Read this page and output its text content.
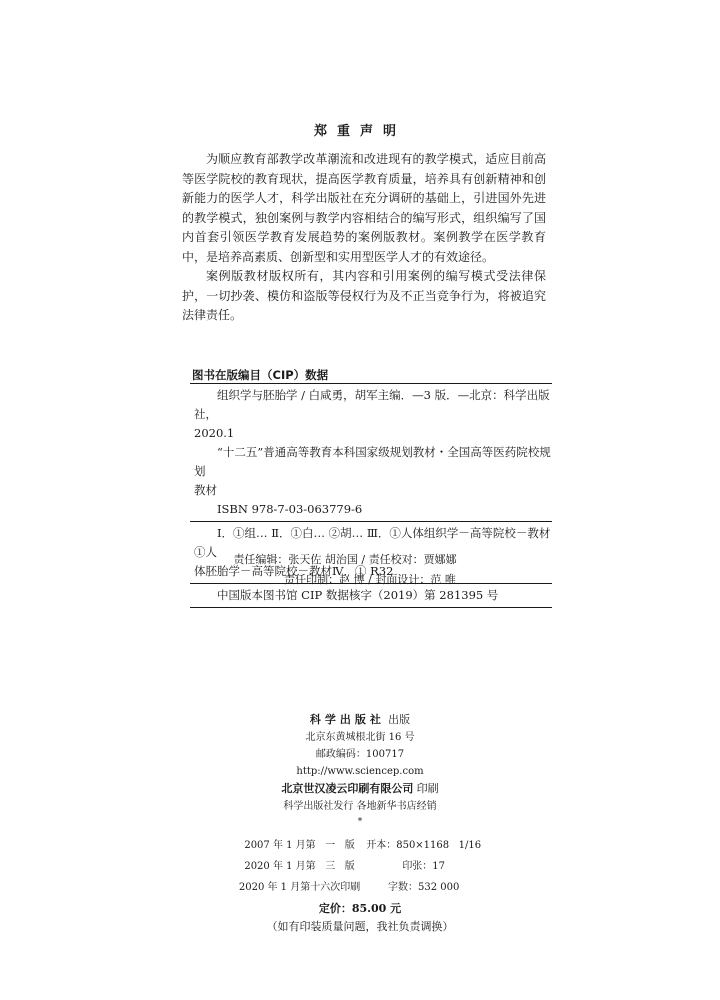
郑重声明

为顺应教育部教学改革潮流和改进现有的教学模式，适应目前高等医学院校的教育现状，提高医学教育质量，培养具有创新精神和创新能力的医学人才，科学出版社在充分调研的基础上，引进国外先进的教学模式，独创案例与教学内容相结合的编写形式，组织编写了国内首套引领医学教育发展趋势的案例版教材。案例教学在医学教育中，是培养高素质、创新型和实用型医学人才的有效途径。

案例版教材版权所有，其内容和引用案例的编写模式受法律保护，一切抄袭、模仿和盗版等侵权行为及不正当竞争行为，将被追究法律责任。

图书在版编目（CIP）数据

组织学与胚胎学 / 白咸勇，胡军主编．—3 版．—北京：科学出版社，

2020.1

“十二五”普通高等教育本科国家级规划教材・全国高等医药院校规划

教材

ISBN 978-7-03-063779-6

Ⅰ．①组… Ⅱ．①白… ②胡… Ⅲ．①人体组织学－高等院校－教材 ①人

体胚胎学－高等院校－教材Ⅳ．① R32

中国版本图书馆 CIP 数据核字（2019）第 281395 号

责任编辑：张天佐 胡治国 / 责任校对：贾娜娜
责任印制：赵 博 / 封面设计：范 唯
科学出版社 出版
北京东黄城根北街 16 号
邮政编码：100717
http://www.sciencep.com
北京世汉凌云印刷有限公司 印刷
科学出版社发行 各地新华书店经销
*
2007 年 1 月第   一   版	开本：850×1168   1/16
2020 年 1 月第   三   版	印张：17
2020 年 1 月第十六次印刷	字数：532 000
定价：85.00 元
（如有印装质量问题，我社负责调换）
